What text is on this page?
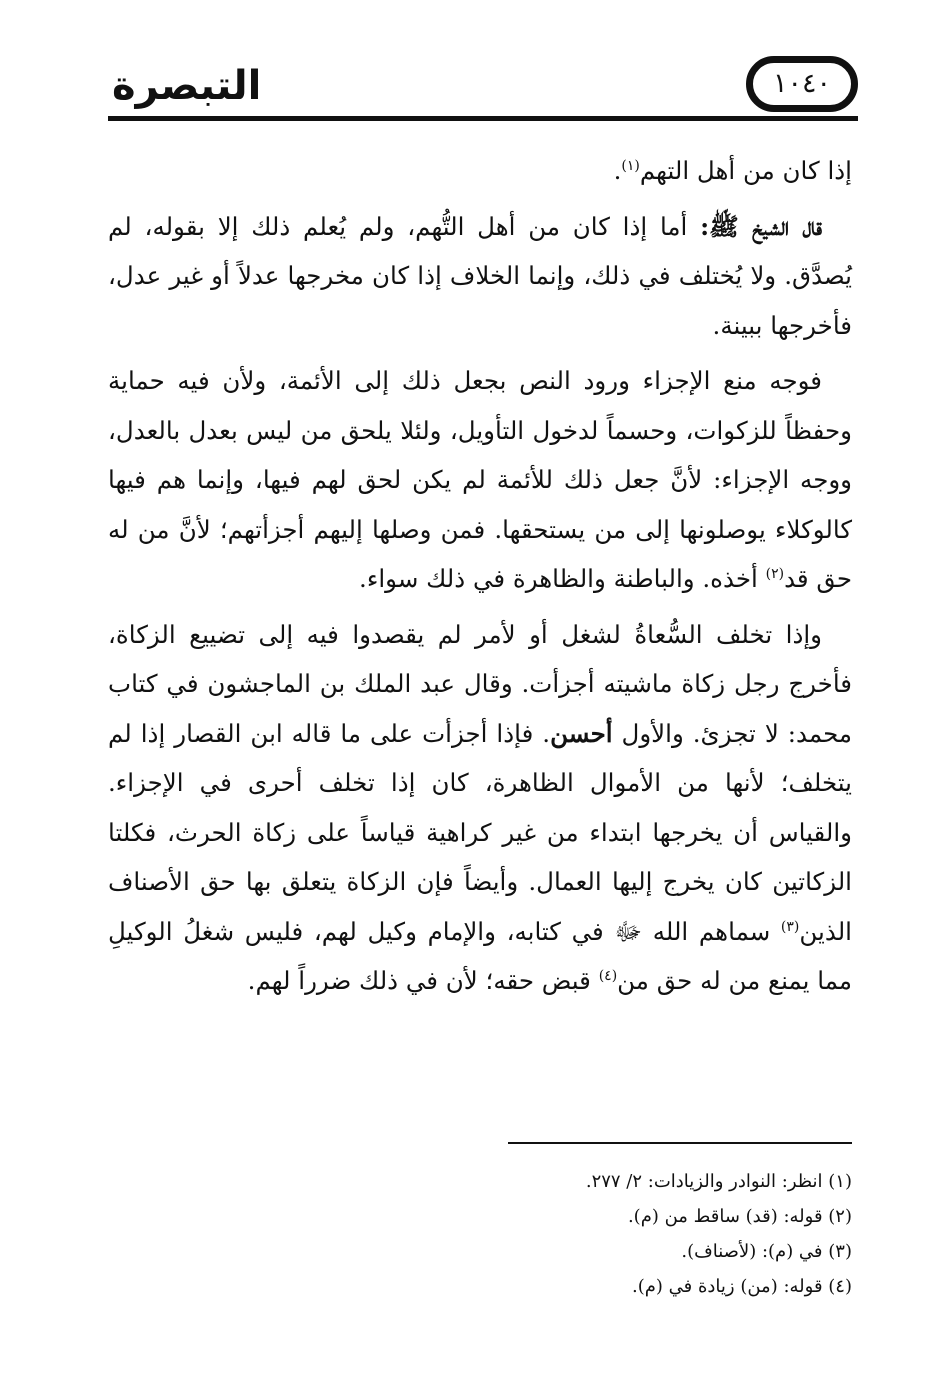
التبصرة	١٠٤٠

إذا كان من أهل التهم$^{(١)}$.

قال الشيخ ﷺ: أما إذا كان من أهل التُّهم، ولم يُعلم ذلك إلا بقوله، لم يُصدَّق. ولا يُختلف في ذلك، وإنما الخلاف إذا كان مخرجها عدلاً أو غير عدل، فأخرجها ببينة.

فوجه منع الإجزاء ورود النص بجعل ذلك إلى الأئمة، ولأن فيه حماية وحفظاً للزكوات، وحسماً لدخول التأويل، ولئلا يلحق من ليس بعدل بالعدل، ووجه الإجزاء: لأنَّ جعل ذلك للأئمة لم يكن لحق لهم فيها، وإنما هم فيها كالوكلاء يوصلونها إلى من يستحقها. فمن وصلها إليهم أجزأتهم؛ لأنَّ من له حق قد$^{(٢)}$ أخذه. والباطنة والظاهرة في ذلك سواء.

وإذا تخلف السُّعاةُ لشغل أو لأمر لم يقصدوا فيه إلى تضييع الزكاة، فأخرج رجل زكاة ماشيته أجزأت. وقال عبد الملك بن الماجشون في كتاب محمد: لا تجزئ. والأول أحسن. فإذا أجزأت على ما قاله ابن القصار إذا لم يتخلف؛ لأنها من الأموال الظاهرة، كان إذا تخلف أحرى في الإجزاء. والقياس أن يخرجها ابتداء من غير كراهية قياساً على زكاة الحرث، فكلتا الزكاتين كان يخرج إليها العمال. وأيضاً فإن الزكاة يتعلق بها حق الأصناف الذين$^{(٣)}$ سماهم الله ﷻ في كتابه، والإمام وكيل لهم، فليس شغلُ الوكيلِ مما يمنع من له حق من$^{(٤)}$ قبض حقه؛ لأن في ذلك ضرراً لهم.

(١) انظر: النوادر والزيادات: ٢/ ٢٧٧.
(٢) قوله: (قد) ساقط من (م).
(٣) في (م): (لأصناف).
(٤) قوله: (من) زيادة في (م).
